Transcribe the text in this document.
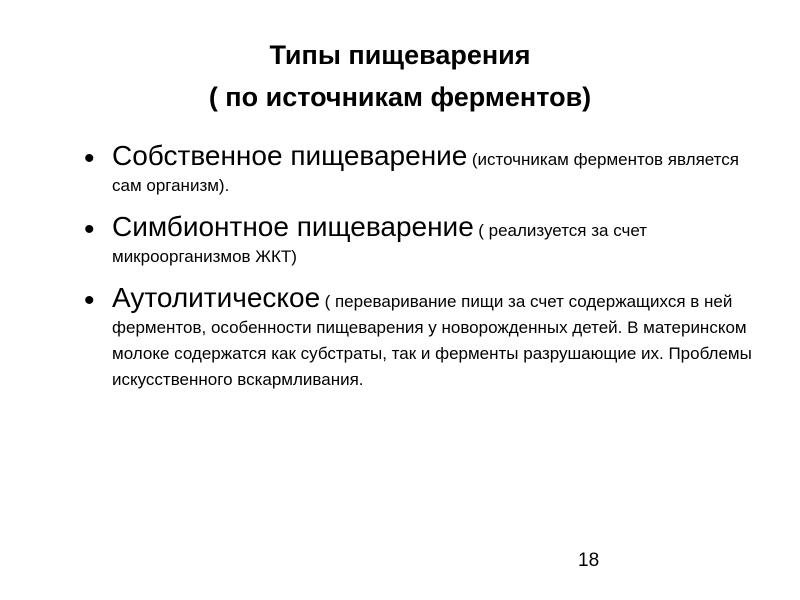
Типы пищеварения
( по источникам ферментов)
• Собственное пищеварение (источникам ферментов является сам организм).
• Симбионтное пищеварение ( реализуется за счет микроорганизмов ЖКТ)
• Аутолитическое ( переваривание пищи за счет содержащихся в ней ферментов, особенности пищеварения у новорожденных детей. В материнском молоке содержатся как субстраты, так и ферменты разрушающие их. Проблемы искусственного вскармливания.
18
